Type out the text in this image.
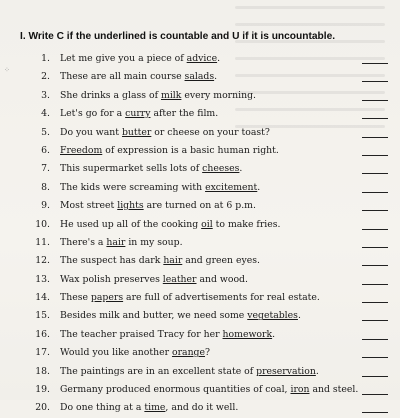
⁘
I. Write C if the underlined is countable and U if it is uncountable.
1. Let me give you a piece of advice.
2. These are all main course salads.
3. She drinks a glass of milk every morning.
4. Let's go for a curry after the film.
5. Do you want butter or cheese on your toast?
6. Freedom of expression is a basic human right.
7. This supermarket sells lots of cheeses.
8. The kids were screaming with excitement.
9. Most street lights are turned on at 6 p.m.
10. He used up all of the cooking oil to make fries.
11. There's a hair in my soup.
12. The suspect has dark hair and green eyes.
13. Wax polish preserves leather and wood.
14. These papers are full of advertisements for real estate.
15. Besides milk and butter, we need some vegetables.
16. The teacher praised Tracy for her homework.
17. Would you like another orange?
18. The paintings are in an excellent state of preservation.
19. Germany produced enormous quantities of coal, iron and steel.
20. Do one thing at a time, and do it well.
